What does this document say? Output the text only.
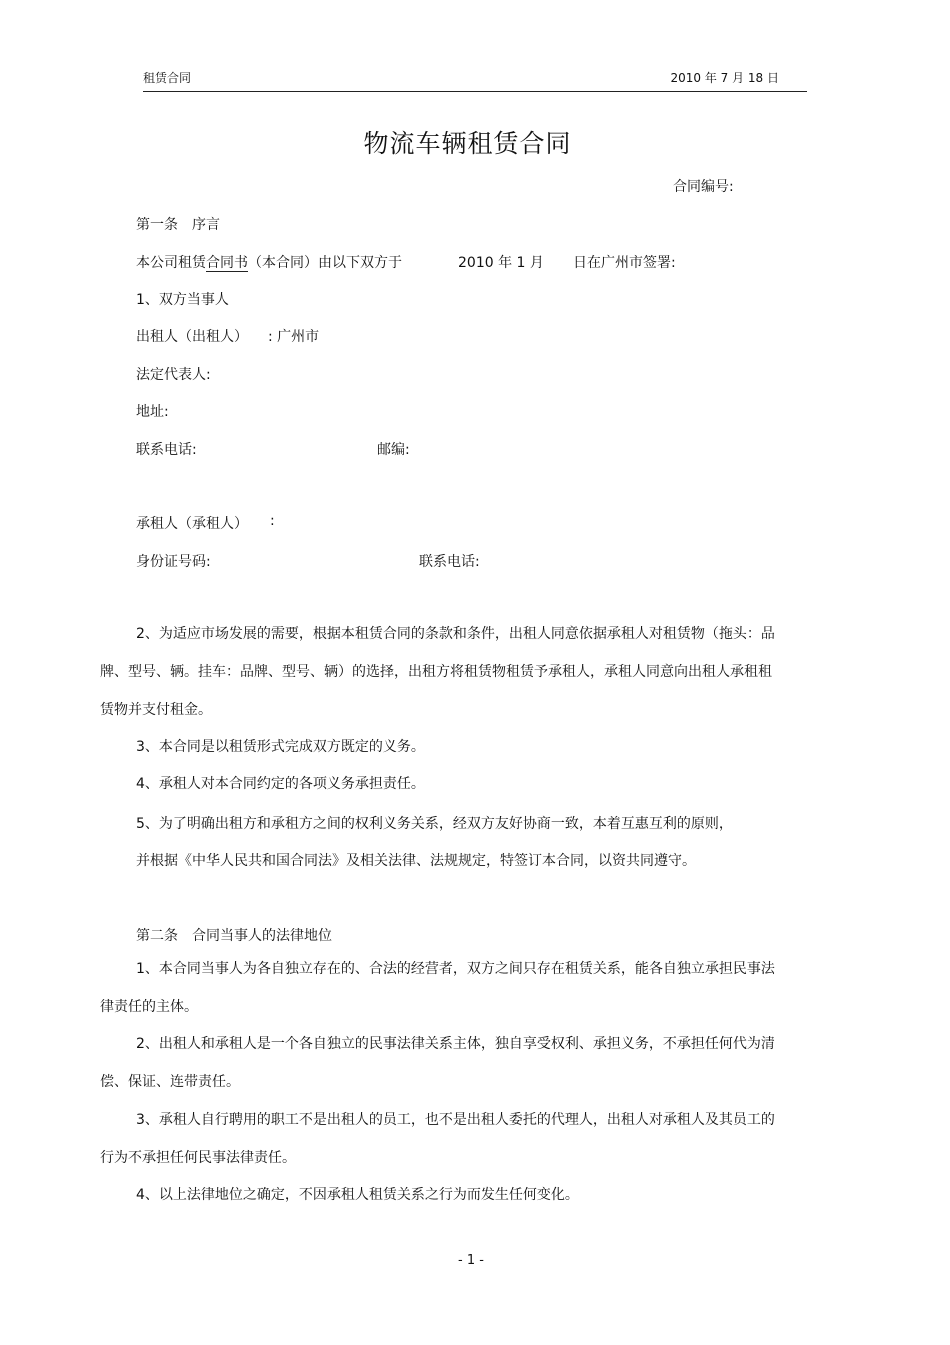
租赁合同	2010 年 7 月 18 日
物流车辆租赁合同
合同编号:
第一条　序言
本公司租赁合同书（本合同）由以下双方于	2010 年 1 月 日在广州市签署:
1、双方当事人
出租人（出租人） : 广州市
法定代表人:
地址:
联系电话:	邮编:
承租人（承租人） :
身份证号码:	联系电话:

2、为适应市场发展的需要，根据本租赁合同的条款和条件，出租人同意依据承租人对租赁物（拖头：品牌、型号、辆。挂车：品牌、型号、辆）的选择，出租方将租赁物租赁予承租人，承租人同意向出租人承租租赁物并支付租金。

3、本合同是以租赁形式完成双方既定的义务。

4、承租人对本合同约定的各项义务承担责任。

5、为了明确出租方和承租方之间的权利义务关系，经双方友好协商一致，本着互惠互利的原则，
并根据《中华人民共和国合同法》及相关法律、法规规定，特签订本合同，以资共同遵守。
第二条　合同当事人的法律地位

1、本合同当事人为各自独立存在的、合法的经营者，双方之间只存在租赁关系，能各自独立承担民事法律责任的主体。

2、出租人和承租人是一个各自独立的民事法律关系主体，独自享受权利、承担义务，不承担任何代为清偿、保证、连带责任。

3、承租人自行聘用的职工不是出租人的员工，也不是出租人委托的代理人，出租人对承租人及其员工的行为不承担任何民事法律责任。

4、以上法律地位之确定，不因承租人租赁关系之行为而发生任何变化。

- 1 -
